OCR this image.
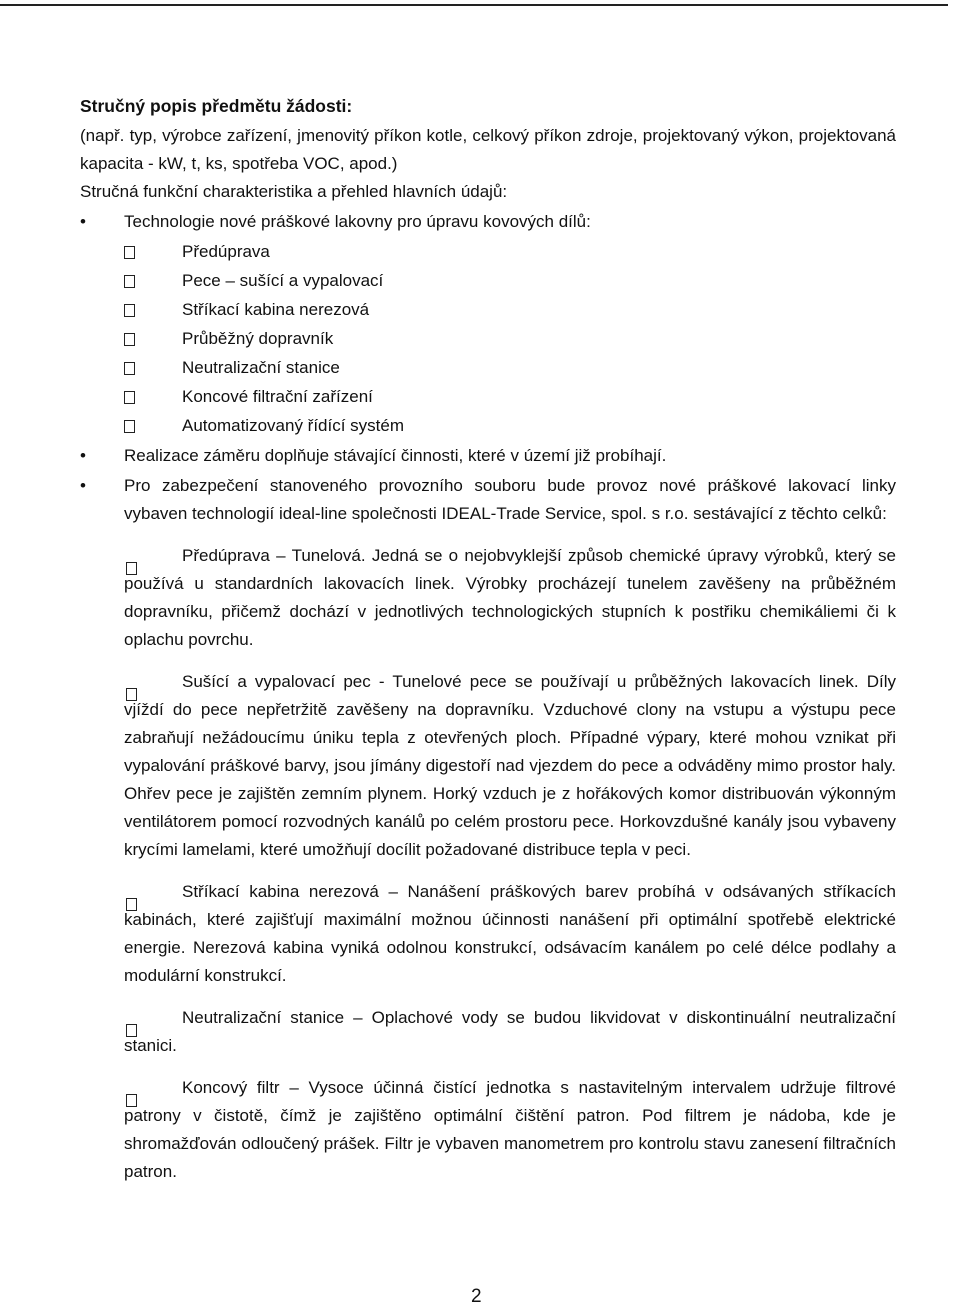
Stručný popis předmětu žádosti:

(např. typ, výrobce zařízení, jmenovitý příkon kotle, celkový příkon zdroje, projektovaný výkon, projektovaná kapacita - kW, t, ks, spotřeba VOC, apod.)

Stručná funkční charakteristika a přehled hlavních údajů:

•	Technologie nové práškové lakovny pro úpravu kovových dílů:
Předúprava
Pece – sušící a vypalovací
Stříkací kabina nerezová
Průběžný dopravník
Neutralizační stanice
Koncové filtrační zařízení
Automatizovaný řídící systém
•	Realizace záměru doplňuje stávající činnosti, které v území již probíhají.

• Pro zabezpečení stanoveného provozního souboru bude provoz nové práškové lakovací linky vybaven technologií ideal-line společnosti IDEAL-Trade Service, spol. s r.o. sestávající z těchto celků:

Předúprava – Tunelová. Jedná se o nejobvyklejší způsob chemické úpravy výrobků, který se používá u standardních lakovacích linek. Výrobky procházejí tunelem zavěšeny na průběžném dopravníku, přičemž dochází v jednotlivých technologických stupních k postřiku chemikáliemi či k oplachu povrchu.
Sušící a vypalovací pec - Tunelové pece se používají u průběžných lakovacích linek. Díly vjíždí do pece nepřetržitě zavěšeny na dopravníku. Vzduchové clony na vstupu a výstupu pece zabraňují nežádoucímu úniku tepla z otevřených ploch. Případné výpary, které mohou vznikat při vypalování práškové barvy, jsou jímány digestoří nad vjezdem do pece a odváděny mimo prostor haly. Ohřev pece je zajištěn zemním plynem. Horký vzduch je z hořákových komor distribuován výkonným ventilátorem pomocí rozvodných kanálů po celém prostoru pece. Horkovzdušné kanály jsou vybaveny krycími lamelami, které umožňují docílit požadované distribuce tepla v peci.
Stříkací kabina nerezová – Nanášení práškových barev probíhá v odsávaných stříkacích kabinách, které zajišťují maximální možnou účinnosti nanášení při optimální spotřebě elektrické energie. Nerezová kabina vyniká odolnou konstrukcí, odsávacím kanálem po celé délce podlahy a modulární konstrukcí.
Neutralizační stanice – Oplachové vody se budou likvidovat v diskontinuální neutralizační stanici.
Koncový filtr – Vysoce účinná čistící jednotka s nastavitelným intervalem udržuje filtrové patrony v čistotě, čímž je zajištěno optimální čištění patron. Pod filtrem je nádoba, kde je shromažďován odloučený prášek. Filtr je vybaven manometrem pro kontrolu stavu zanesení filtračních patron.
2
